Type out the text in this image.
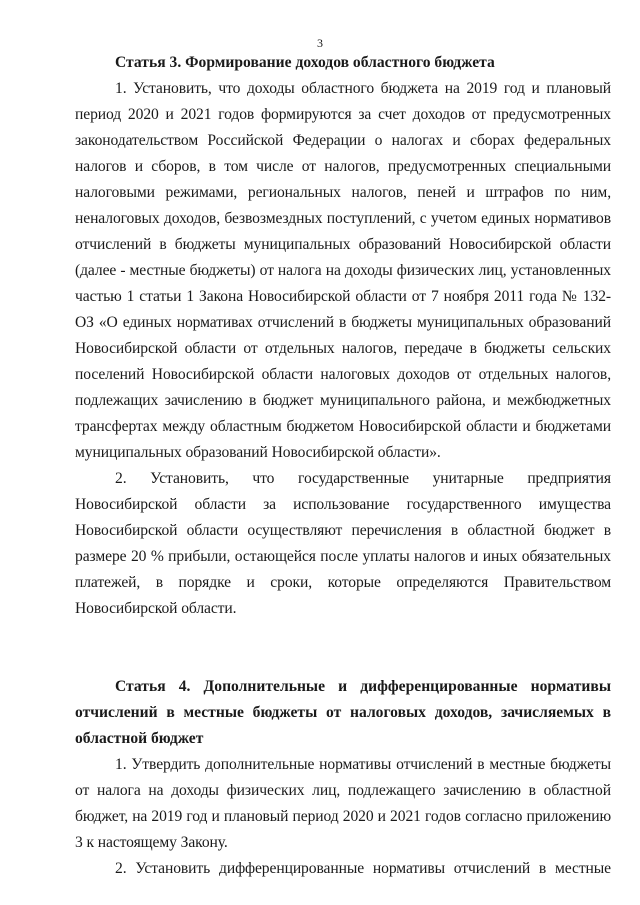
3

Статья 3. Формирование доходов областного бюджета

1. Установить, что доходы областного бюджета на 2019 год и плановый период 2020 и 2021 годов формируются за счет доходов от предусмотренных законодательством Российской Федерации о налогах и сборах федеральных налогов и сборов, в том числе от налогов, предусмотренных специальными налоговыми режимами, региональных налогов, пеней и штрафов по ним, неналоговых доходов, безвозмездных поступлений, с учетом единых нормативов отчислений в бюджеты муниципальных образований Новосибирской области (далее - местные бюджеты) от налога на доходы физических лиц, установленных частью 1 статьи 1 Закона Новосибирской области от 7 ноября 2011 года № 132-ОЗ «О единых нормативах отчислений в бюджеты муниципальных образований Новосибирской области от отдельных налогов, передаче в бюджеты сельских поселений Новосибирской области налоговых доходов от отдельных налогов, подлежащих зачислению в бюджет муниципального района, и межбюджетных трансфертах между областным бюджетом Новосибирской области и бюджетами муниципальных образований Новосибирской области».

2. Установить, что государственные унитарные предприятия Новосибирской области за использование государственного имущества Новосибирской области осуществляют перечисления в областной бюджет в размере 20 % прибыли, остающейся после уплаты налогов и иных обязательных платежей, в порядке и сроки, которые определяются Правительством Новосибирской области.

Статья 4. Дополнительные и дифференцированные нормативы отчислений в местные бюджеты от налоговых доходов, зачисляемых в областной бюджет

1. Утвердить дополнительные нормативы отчислений в местные бюджеты от налога на доходы физических лиц, подлежащего зачислению в областной бюджет, на 2019 год и плановый период 2020 и 2021 годов согласно приложению 3 к настоящему Закону.

2. Установить дифференцированные нормативы отчислений в местные
